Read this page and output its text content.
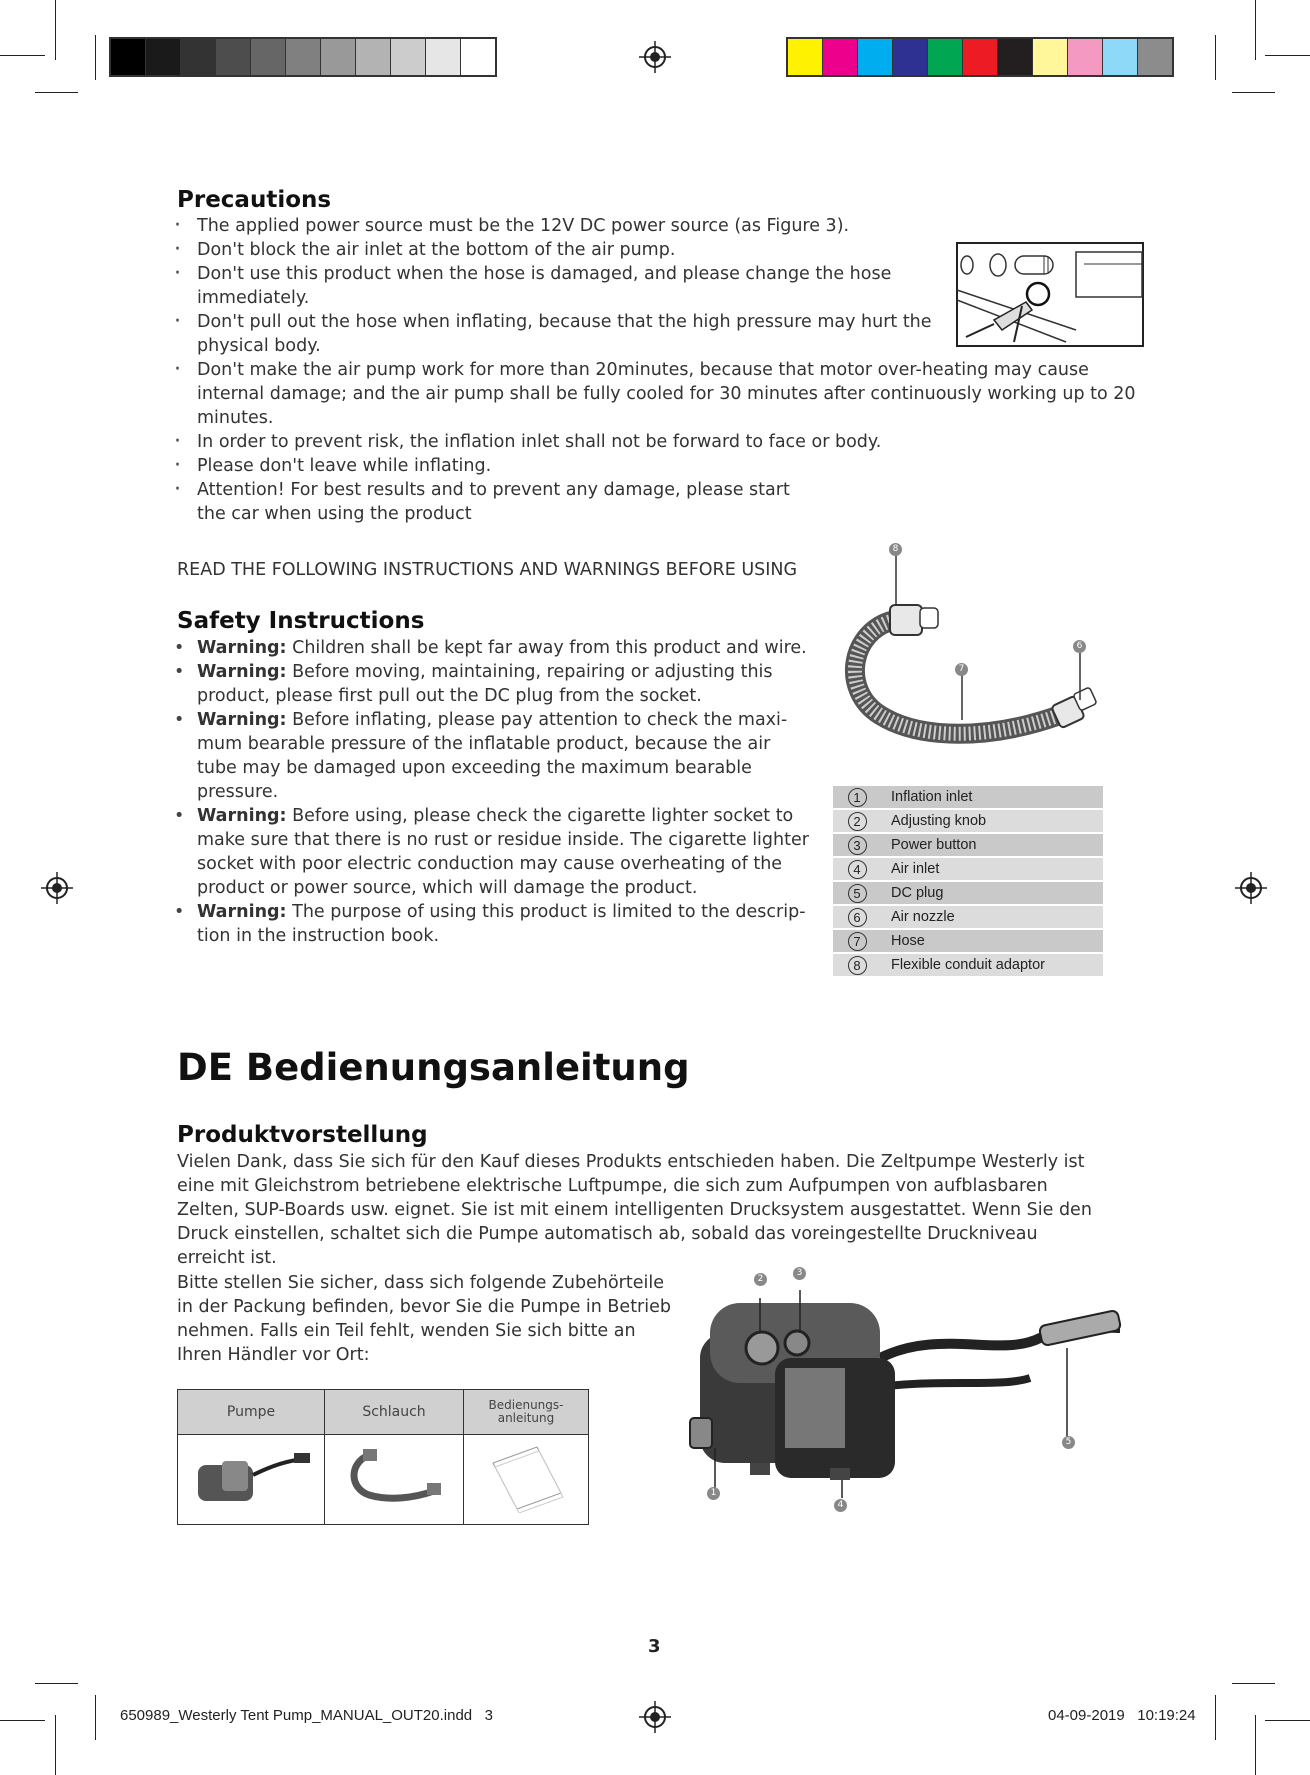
Precautions
· The applied power source must be the 12V DC power source (as Figure 3).
· Don't block the air inlet at the bottom of the air pump.
· Don't use this product when the hose is damaged, and please change the hose immediately.
· Don't pull out the hose when inflating, because that the high pressure may hurt the physical body.
· Don't make the air pump work for more than 20minutes, because that motor over-heating may cause internal damage; and the air pump shall be fully cooled for 30 minutes after continuously working up to 20 minutes.
· In order to prevent risk, the inflation inlet shall not be forward to face or body.
· Please don't leave while inflating.
· Attention! For best results and to prevent any damage, please start the car when using the product
READ THE FOLLOWING INSTRUCTIONS AND WARNINGS BEFORE USING
Safety Instructions
• Warning: Children shall be kept far away from this product and wire.
• Warning: Before moving, maintaining, repairing or adjusting this product, please first pull out the DC plug from the socket.
• Warning: Before inflating, please pay attention to check the maxi-mum bearable pressure of the inflatable product, because the air tube may be damaged upon exceeding the maximum bearable pressure.
• Warning: Before using, please check the cigarette lighter socket to make sure that there is no rust or residue inside. The cigarette lighter socket with poor electric conduction may cause overheating of the product or power source, which will damage the product.
• Warning: The purpose of using this product is limited to the descrip-tion in the instruction book.
8
7
6
1	Inflation inlet
2	Adjusting knob
3	Power button
4	Air inlet
5	DC plug
6	Air nozzle
7	Hose
8	Flexible conduit adaptor
DE Bedienungsanleitung
Produktvorstellung

Vielen Dank, dass Sie sich für den Kauf dieses Produkts entschieden haben. Die Zeltpumpe Westerly ist eine mit Gleichstrom betriebene elektrische Luftpumpe, die sich zum Aufpumpen von aufblasbaren Zelten, SUP-Boards usw. eignet. Sie ist mit einem intelligenten Drucksystem ausgestattet. Wenn Sie den Druck einstellen, schaltet sich die Pumpe automatisch ab, sobald das voreingestellte Druckniveau erreicht ist.

Bitte stellen Sie sicher, dass sich folgende Zubehörteile in der Packung befinden, bevor Sie die Pumpe in Betrieb nehmen. Falls ein Teil fehlt, wenden Sie sich bitte an Ihren Händler vor Ort:

Pumpe	Schlauch	Bedienungs-
anleitung

2
3
1
4
5
3
650989_Westerly Tent Pump_MANUAL_OUT20.indd   3	04-09-2019   10:19:24
